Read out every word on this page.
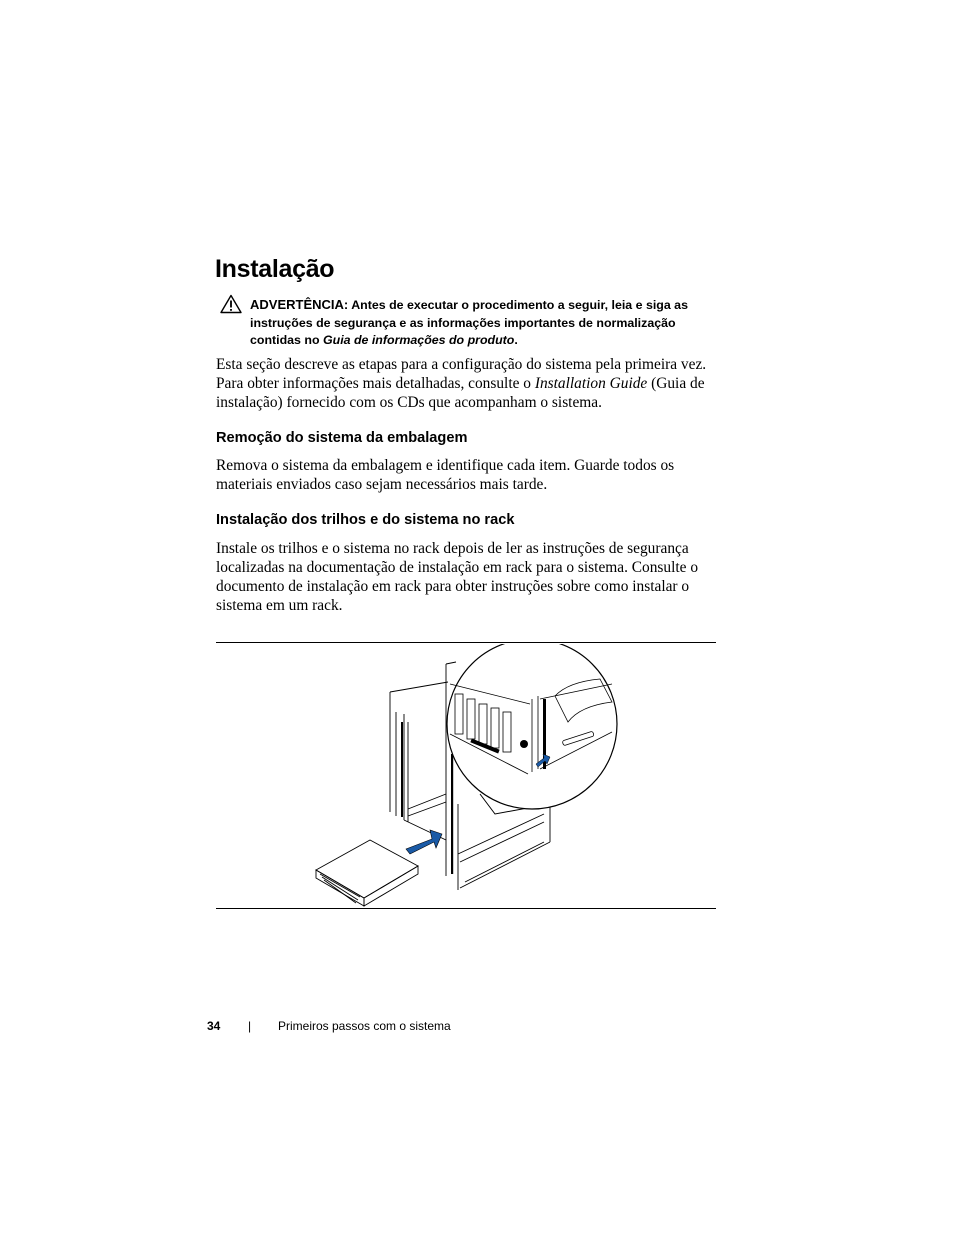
Instalação
ADVERTÊNCIA: Antes de executar o procedimento a seguir, leia e siga as instruções de segurança e as informações importantes de normalização contidas no Guia de informações do produto.

Esta seção descreve as etapas para a configuração do sistema pela primeira vez. Para obter informações mais detalhadas, consulte o Installation Guide (Guia de instalação) fornecido com os CDs que acompanham o sistema.

Remoção do sistema da embalagem

Remova o sistema da embalagem e identifique cada item. Guarde todos os materiais enviados caso sejam necessários mais tarde.

Instalação dos trilhos e do sistema no rack

Instale os trilhos e o sistema no rack depois de ler as instruções de segurança localizadas na documentação de instalação em rack para o sistema. Consulte o documento de instalação em rack para obter instruções sobre como instalar o sistema em um rack.

34 | Primeiros passos com o sistema
